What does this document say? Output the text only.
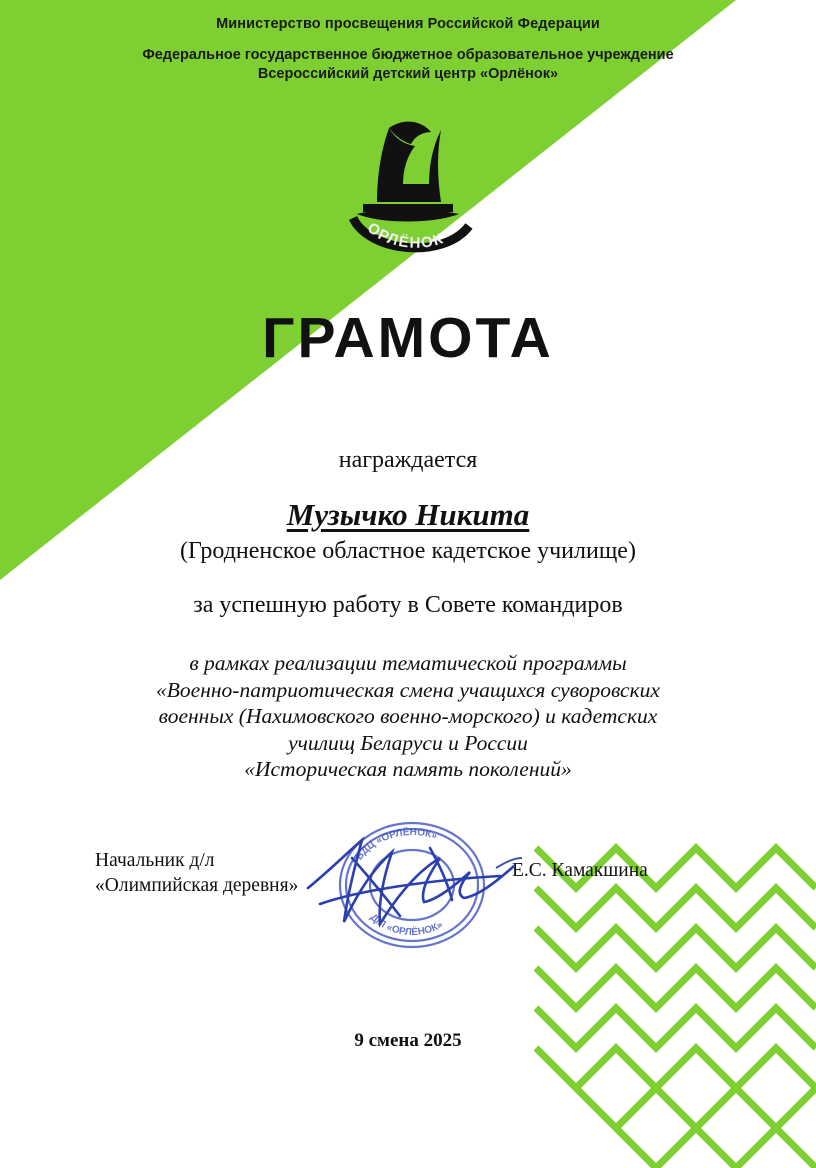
Министерство просвещения Российской Федерации
Федеральное государственное бюджетное образовательное учреждение
Всероссийский детский центр «Орлёнок»
ОРЛЁНОК
ГРАМОТА
награждается
Музычко Никита
(Гродненское областное кадетское училище)
за успешную работу в Совете командиров
в рамках реализации тематической программы
«Военно-патриотическая смена учащихся суворовских
военных (Нахимовского военно-морского) и кадетских
училищ Беларуси и России
«Историческая память поколений»
Начальник д/л
«Олимпийская деревня»
Е.С. Камакшина
ВДЦ «ОРЛЁНОК»
Д/Л «ОРЛЁНОК»
9 смена 2025
